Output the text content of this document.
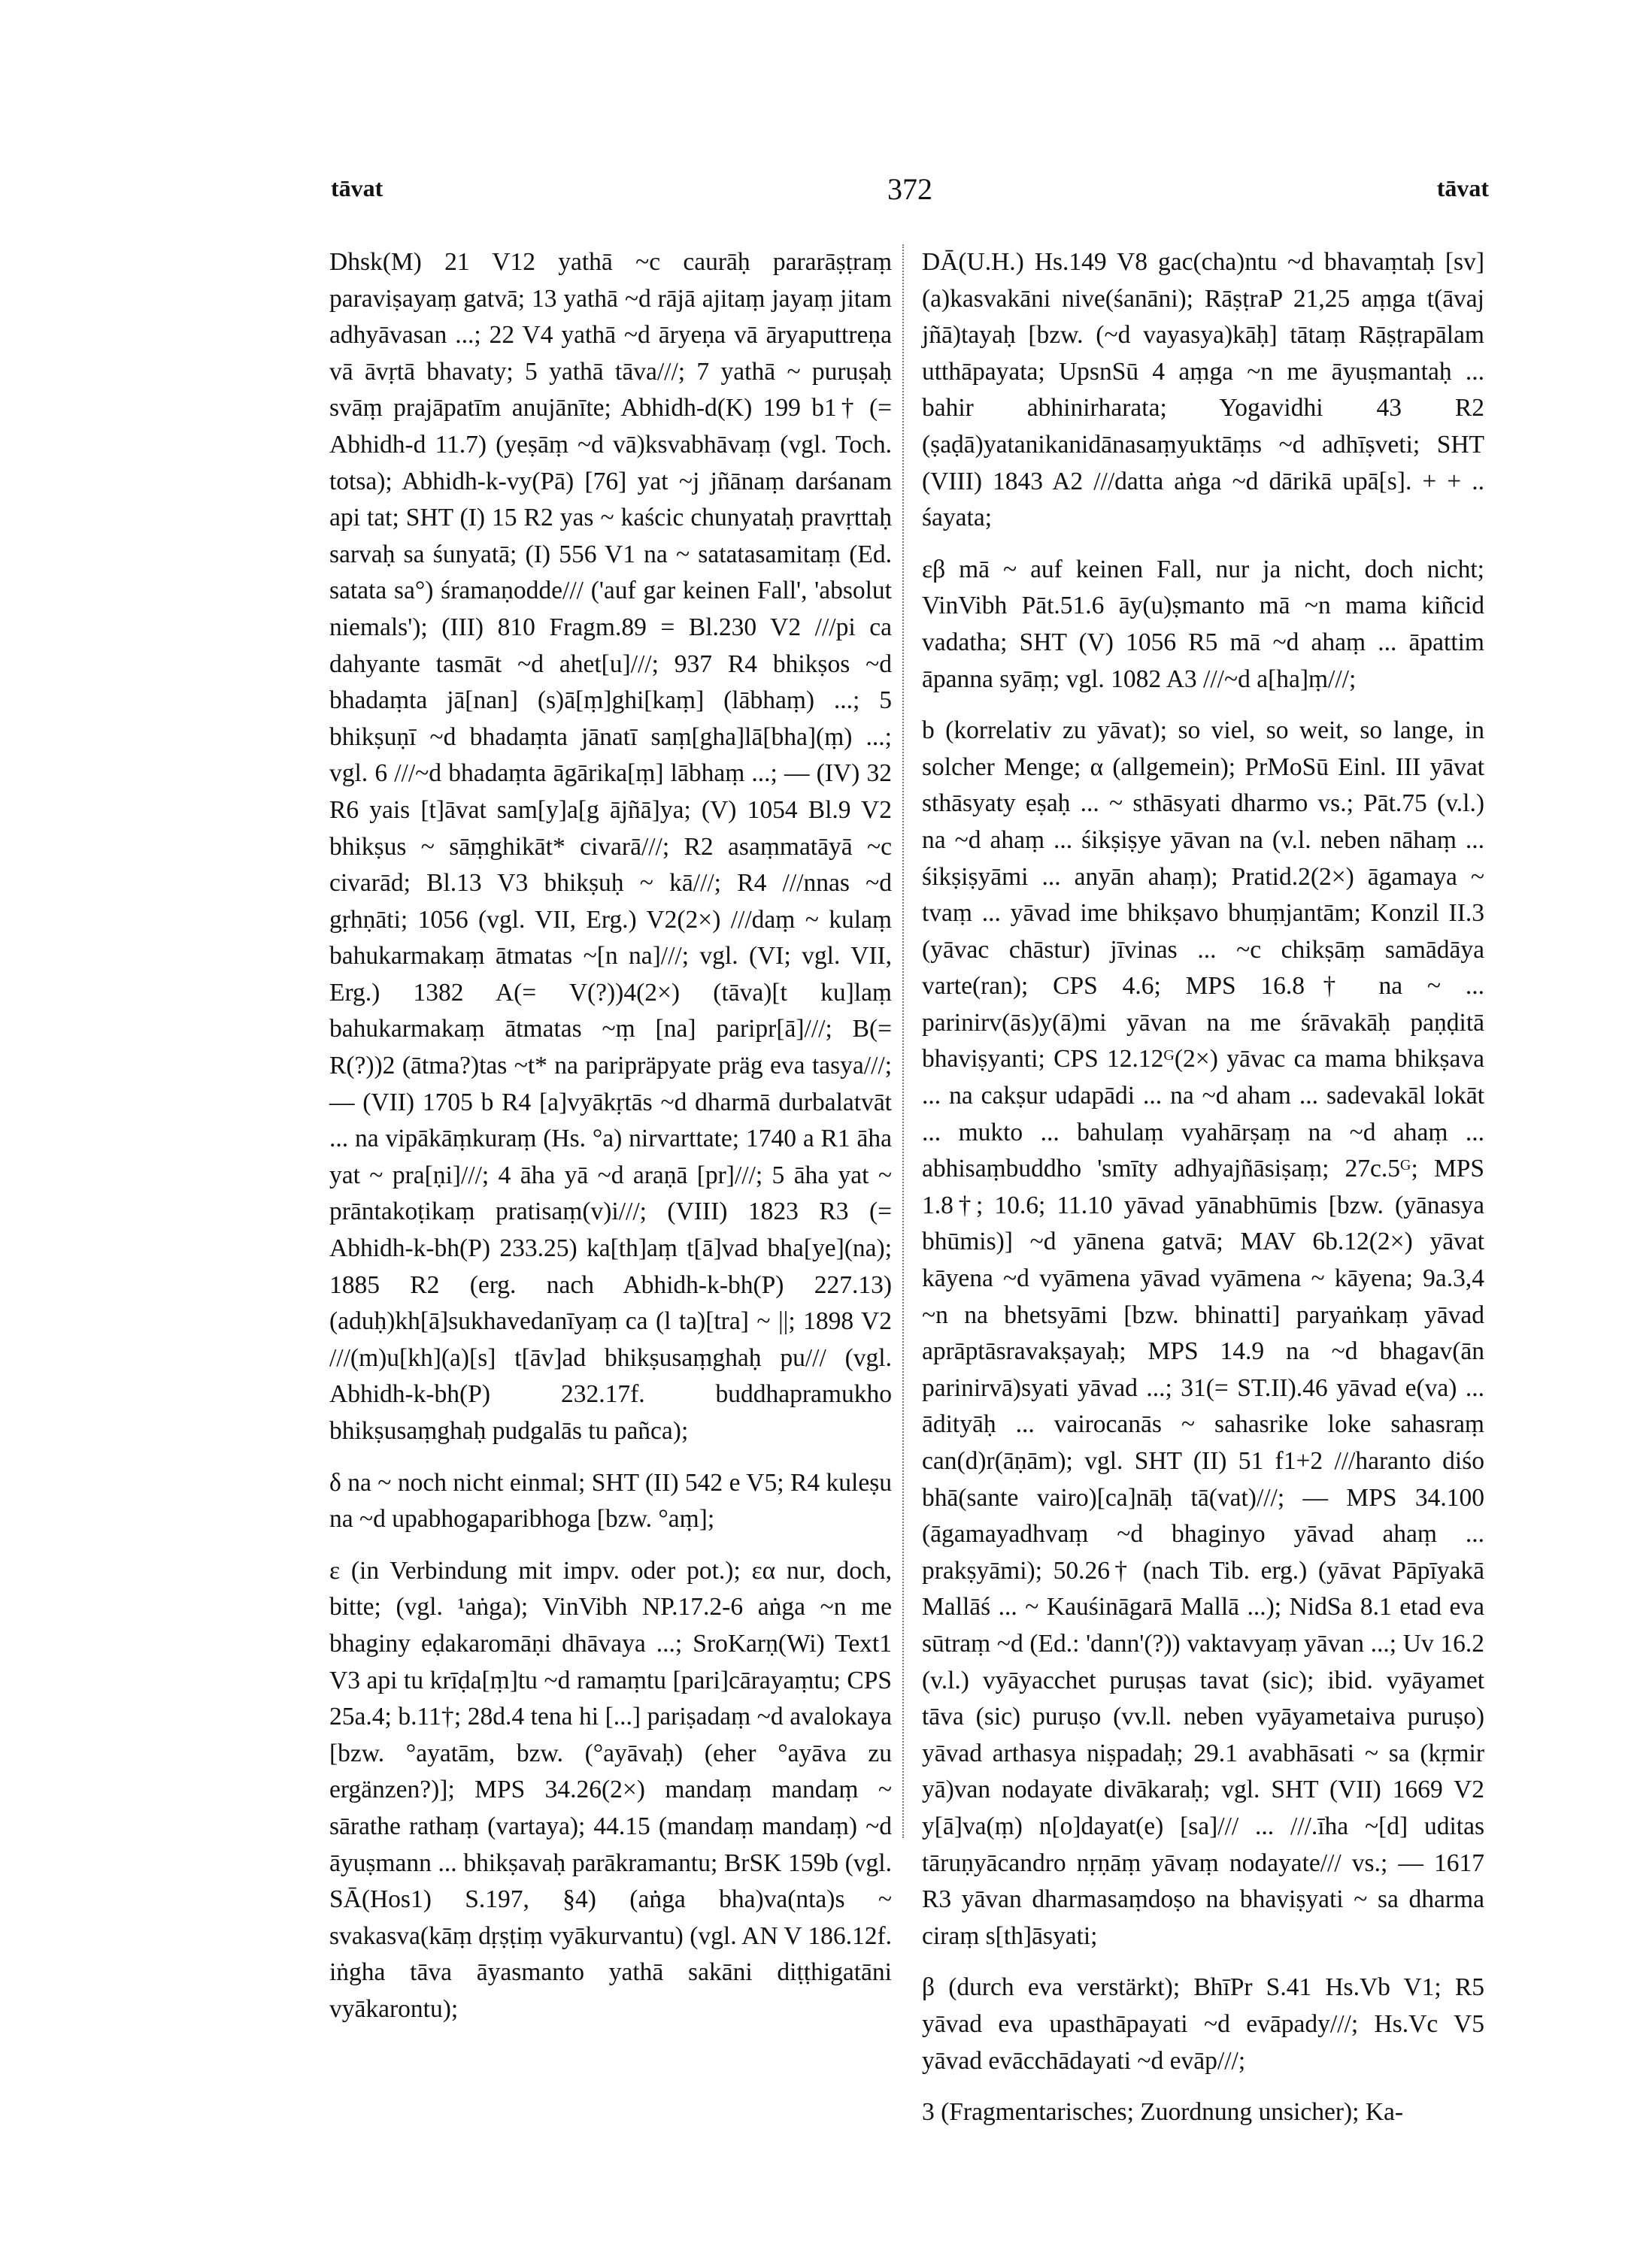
tāvat	372	tāvat

Dhsk(M) 21 V12 yathā ~c caurāḥ pararāṣṭraṃ paraviṣayaṃ gatvā; 13 yathā ~d rājā ajitaṃ jayaṃ jitam adhyāvasan ...; 22 V4 yathā ~d āryeṇa vā āryaputtreṇa vā āvṛtā bhavaty; 5 yathā tāva///; 7 yathā ~ puruṣaḥ svāṃ prajāpatīm anujānīte; Abhidh-d(K) 199 b1† (= Abhidh-d 11.7) (yeṣāṃ ~d vā)ksvabhāvaṃ (vgl. Toch. totsa); Abhidh-k-vy(Pā) [76] yat ~j jñānaṃ darśanam api tat; SHT (I) 15 R2 yas ~ kaścic chunyataḥ pravṛttaḥ sarvaḥ sa śunyatā; (I) 556 V1 na ~ satatasamitaṃ (Ed. satata sa°) śramaṇodde/// ('auf gar keinen Fall', 'absolut niemals'); (III) 810 Fragm.89 = Bl.230 V2 ///pi ca dahyante tasmāt ~d ahet[u]///; 937 R4 bhikṣos ~d bhadaṃta jā[nan] (s)ā[ṃ]ghi[kaṃ] (lābhaṃ) ...; 5 bhikṣuṇī ~d bhadaṃta jānatī saṃ[gha]lā[bha](ṃ) ...; vgl. 6 ///~d bhadaṃta āgārika[ṃ] lābhaṃ ...; — (IV) 32 R6 yais [t]āvat sam[y]a[g ājñā]ya; (V) 1054 Bl.9 V2 bhikṣus ~ sāṃghikāt* civarā///; R2 asaṃmatāyā ~c civarād; Bl.13 V3 bhikṣuḥ ~ kā///; R4 ///nnas ~d gṛhṇāti; 1056 (vgl. VII, Erg.) V2(2×) ///daṃ ~ kulaṃ bahukarmakaṃ ātmatas ~[n na]///; vgl. (VI; vgl. VII, Erg.) 1382 A(= V(?))4(2×) (tāva)[t ku]laṃ bahukarmakaṃ ātmatas ~ṃ [na] paripr[ā]///; B(= R(?))2 (ātma?)tas ~t* na paripräpyate präg eva tasya///; — (VII) 1705 b R4 [a]vyākṛtās ~d dharmā durbalatvāt ... na vipākāṃkuraṃ (Hs. °a) nirvarttate; 1740 a R1 āha yat ~ pra[ṇi]///; 4 āha yā ~d araṇā [pr]///; 5 āha yat ~ prāntakoṭikaṃ pratisaṃ(v)i///; (VIII) 1823 R3 (= Abhidh-k-bh(P) 233.25) ka[th]aṃ t[ā]vad bha[ye](na); 1885 R2 (erg. nach Abhidh-k-bh(P) 227.13) (aduḥ)kh[ā]sukhavedanīyaṃ ca (l ta)[tra] ~ ||; 1898 V2 ///(m)u[kh](a)[s] t[āv]ad bhikṣusaṃghaḥ pu/// (vgl. Abhidh-k-bh(P) 232.17f. buddhapramukho bhikṣusaṃghaḥ pudgalās tu pañca);

δ na ~ noch nicht einmal; SHT (II) 542 e V5; R4 kuleṣu na ~d upabhogaparibhoga [bzw. °aṃ];

ε (in Verbindung mit impv. oder pot.); εα nur, doch, bitte; (vgl. ¹aṅga); VinVibh NP.17.2-6 aṅga ~n me bhaginy eḍakaromāṇi dhāvaya ...; SroKarṇ(Wi) Text1 V3 api tu krīḍa[ṃ]tu ~d ramaṃtu [pari]cārayaṃtu; CPS 25a.4; b.11†; 28d.4 tena hi [...] pariṣadaṃ ~d avalokaya [bzw. °ayatām, bzw. (°ayāvaḥ) (eher °ayāva zu ergänzen?)]; MPS 34.26(2×) mandaṃ mandaṃ ~ sārathe rathaṃ (vartaya); 44.15 (mandaṃ mandaṃ) ~d āyuṣmann ... bhikṣavaḥ parākramantu; BrSK 159b (vgl. SĀ(Hos1) S.197, §4) (aṅga bha)va(nta)s ~ svakasva(kāṃ dṛṣṭiṃ vyākurvantu) (vgl. AN V 186.12f. iṅgha tāva āyasmanto yathā sakāni diṭṭhigatāni vyākarontu);

DĀ(U.H.) Hs.149 V8 gac(cha)ntu ~d bhavaṃtaḥ [sv](a)kasvakāni nive(śanāni); RāṣṭraP 21,25 aṃga t(āvaj jñā)tayaḥ [bzw. (~d vayasya)kāḥ] tātaṃ Rāṣṭrapālam utthāpayata; UpsnSū 4 aṃga ~n me āyuṣmantaḥ ... bahir abhinirharata; Yogavidhi 43 R2 (ṣaḍā)yatanikanidānasaṃyuktāṃs ~d adhīṣveti; SHT (VIII) 1843 A2 ///datta aṅga ~d dārikā upā[s]. + + .. śayata;

εβ mā ~ auf keinen Fall, nur ja nicht, doch nicht; VinVibh Pāt.51.6 āy(u)ṣmanto mā ~n mama kiñcid vadatha; SHT (V) 1056 R5 mā ~d ahaṃ ... āpattim āpanna syāṃ; vgl. 1082 A3 ///~d a[ha]ṃ///;

b (korrelativ zu yāvat); so viel, so weit, so lange, in solcher Menge; α (allgemein); PrMoSū Einl. III yāvat sthāsyaty eṣaḥ ... ~ sthāsyati dharmo vs.; Pāt.75 (v.l.) na ~d ahaṃ ... śikṣiṣye yāvan na (v.l. neben nāhaṃ ... śikṣiṣyāmi ... anyān ahaṃ); Pratid.2(2×) āgamaya ~ tvaṃ ... yāvad ime bhikṣavo bhuṃjantām; Konzil II.3 (yāvac chāstur) jīvinas ... ~c chikṣāṃ samādāya varte(ran); CPS 4.6; MPS 16.8† na ~ ... parinirv(ās)y(ā)mi yāvan na me śrāvakāḥ paṇḍitā bhaviṣyanti; CPS 12.12ᴳ(2×) yāvac ca mama bhikṣava ... na cakṣur udapādi ... na ~d aham ... sadevakāl lokāt ... mukto ... bahulaṃ vyahārṣaṃ na ~d ahaṃ ... abhisaṃbuddho 'smīty adhyajñāsiṣaṃ; 27c.5ᴳ; MPS 1.8†; 10.6; 11.10 yāvad yānabhūmis [bzw. (yānasya bhūmis)] ~d yānena gatvā; MAV 6b.12(2×) yāvat kāyena ~d vyāmena yāvad vyāmena ~ kāyena; 9a.3,4 ~n na bhetsyāmi [bzw. bhinatti] paryaṅkaṃ yāvad aprāptāsravakṣayaḥ; MPS 14.9 na ~d bhagav(ān parinirvā)syati yāvad ...; 31(= ST.II).46 yāvad e(va) ... ādityāḥ ... vairocanās ~ sahasrike loke sahasraṃ can(d)r(āṇām); vgl. SHT (II) 51 f1+2 ///haranto diśo bhā(sante vairo)[ca]nāḥ tā(vat)///; — MPS 34.100 (āgamayadhvaṃ ~d bhaginyo yāvad ahaṃ ... prakṣyāmi); 50.26† (nach Tib. erg.) (yāvat Pāpīyakā Mallāś ... ~ Kauśināgarā Mallā ...); NidSa 8.1 etad eva sūtraṃ ~d (Ed.: 'dann'(?)) vaktavyaṃ yāvan ...; Uv 16.2 (v.l.) vyāyacchet puruṣas tavat (sic); ibid. vyāyamet tāva (sic) puruṣo (vv.ll. neben vyāyametaiva puruṣo) yāvad arthasya niṣpadaḥ; 29.1 avabhāsati ~ sa (kṛmir yā)van nodayate divākaraḥ; vgl. SHT (VII) 1669 V2 y[ā]va(ṃ) n[o]dayat(e) [sa]/// ... ///.īha ~[d] uditas tāruṇyācandro nṛṇāṃ yāvaṃ nodayate/// vs.; — 1617 R3 yāvan dharmasaṃdoṣo na bhaviṣyati ~ sa dharma ciraṃ s[th]āsyati;

β (durch eva verstärkt); BhīPr S.41 Hs.Vb V1; R5 yāvad eva upasthāpayati ~d evāpady///; Hs.Vc V5 yāvad evācchādayati ~d evāp///;

3 (Fragmentarisches; Zuordnung unsicher); Ka-
